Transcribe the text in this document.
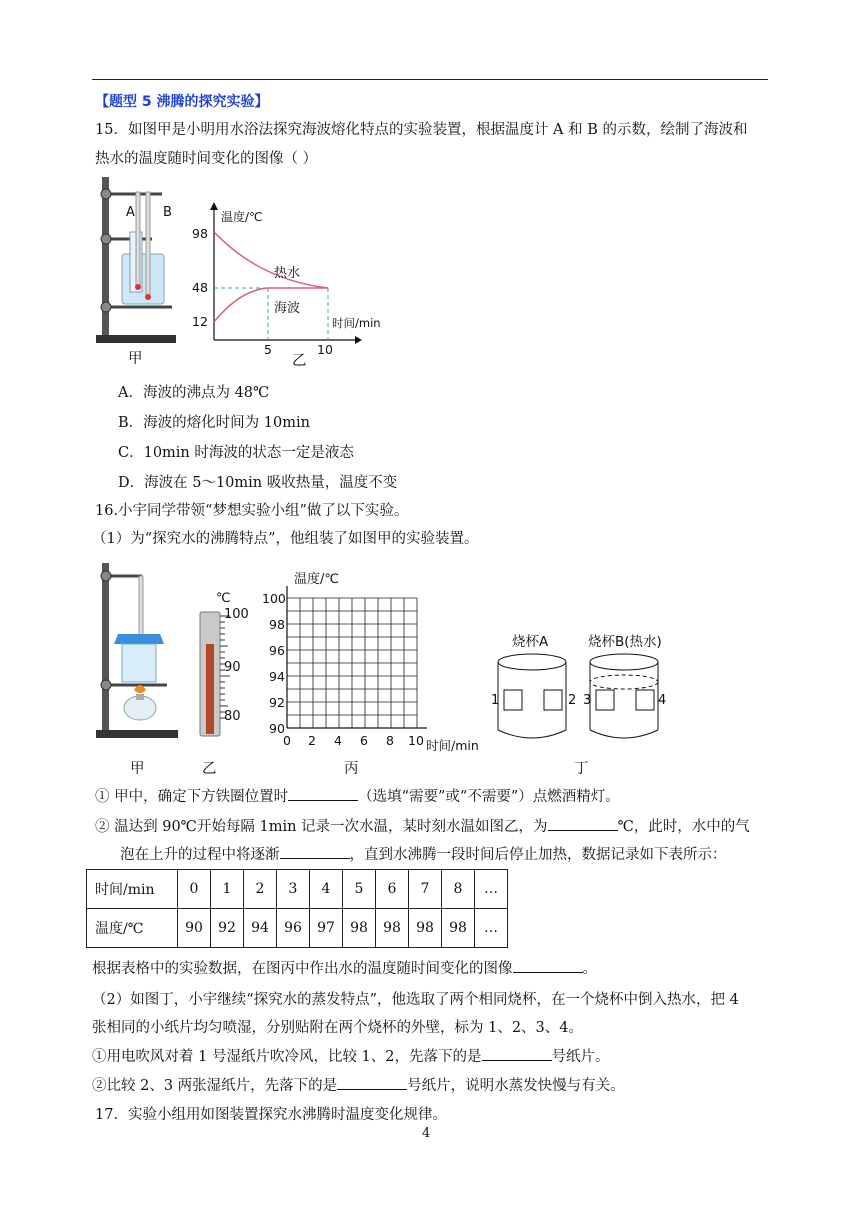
【题型 5 沸腾的探究实验】
15．如图甲是小明用水浴法探究海波熔化特点的实验装置，根据温度计 A 和 B 的示数，绘制了海波和
热水的温度随时间变化的图像（ ）
A B
甲
温度/℃
98
48
12
5	10
时间/min
热水
海波
乙
A．海波的沸点为 48℃
B．海波的熔化时间为 10min
C．10min 时海波的状态一定是液态
D．海波在 5～10min 吸收热量，温度不变
16.小宇同学带领“梦想实验小组”做了以下实验。
（1）为“探究水的沸腾特点”，他组装了如图甲的实验装置。
甲
℃
100
90
80
乙
温度/℃
100
98
96
94
92
90
0 2 4 6 8 10 时间/min
丙
烧杯A	烧杯B(热水)
1	2 3	4
丁
① 甲中，确定下方铁圈位置时	（选填“需要”或“不需要”）点燃酒精灯。
② 温达到 90℃开始每隔 1min 记录一次水温，某时刻水温如图乙，为	℃，此时，水中的气
泡在上升的过程中将逐渐	，直到水沸腾一段时间后停止加热，数据记录如下表所示：
时间/min	0	1	2	3	4	5	6	7	8	…
温度/℃	90	92	94	96	97	98	98	98	98	…
根据表格中的实验数据，在图丙中作出水的温度随时间变化的图像	。
（2）如图丁，小宇继续“探究水的蒸发特点”，他选取了两个相同烧杯，在一个烧杯中倒入热水，把 4
张相同的小纸片均匀喷湿，分别贴附在两个烧杯的外壁，标为 1、2、3、4。
①用电吹风对着 1 号湿纸片吹冷风，比较 1、2，先落下的是	号纸片。
②比较 2、3 两张湿纸片，先落下的是	号纸片，说明水蒸发快慢与有关。
17．实验小组用如图装置探究水沸腾时温度变化规律。
4
